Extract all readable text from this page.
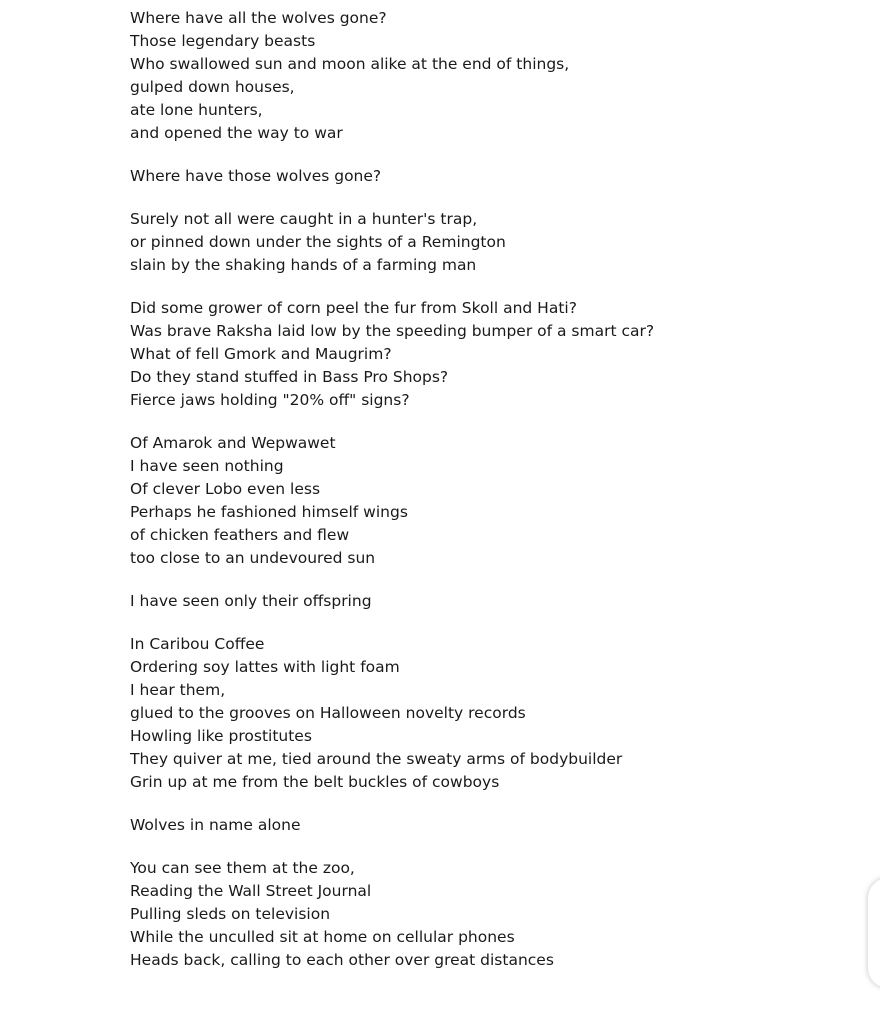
Where have all the wolves gone?
Those legendary beasts
Who swallowed sun and moon alike at the end of things,
gulped down houses,
ate lone hunters,
and opened the way to war
Where have those wolves gone?
Surely not all were caught in a hunter's trap,
or pinned down under the sights of a Remington
slain by the shaking hands of a farming man
Did some grower of corn peel the fur from Skoll and Hati?
Was brave Raksha laid low by the speeding bumper of a smart car?
What of fell Gmork and Maugrim?
Do they stand stuffed in Bass Pro Shops?
Fierce jaws holding "20% off" signs?
Of Amarok and Wepwawet
I have seen nothing
Of clever Lobo even less
Perhaps he fashioned himself wings
of chicken feathers and flew
too close to an undevoured sun
I have seen only their offspring
In Caribou Coffee
Ordering soy lattes with light foam
I hear them,
glued to the grooves on Halloween novelty records
Howling like prostitutes
They quiver at me, tied around the sweaty arms of bodybuilder
Grin up at me from the belt buckles of cowboys
Wolves in name alone
You can see them at the zoo,
Reading the Wall Street Journal
Pulling sleds on television
While the unculled sit at home on cellular phones
Heads back, calling to each other over great distances
